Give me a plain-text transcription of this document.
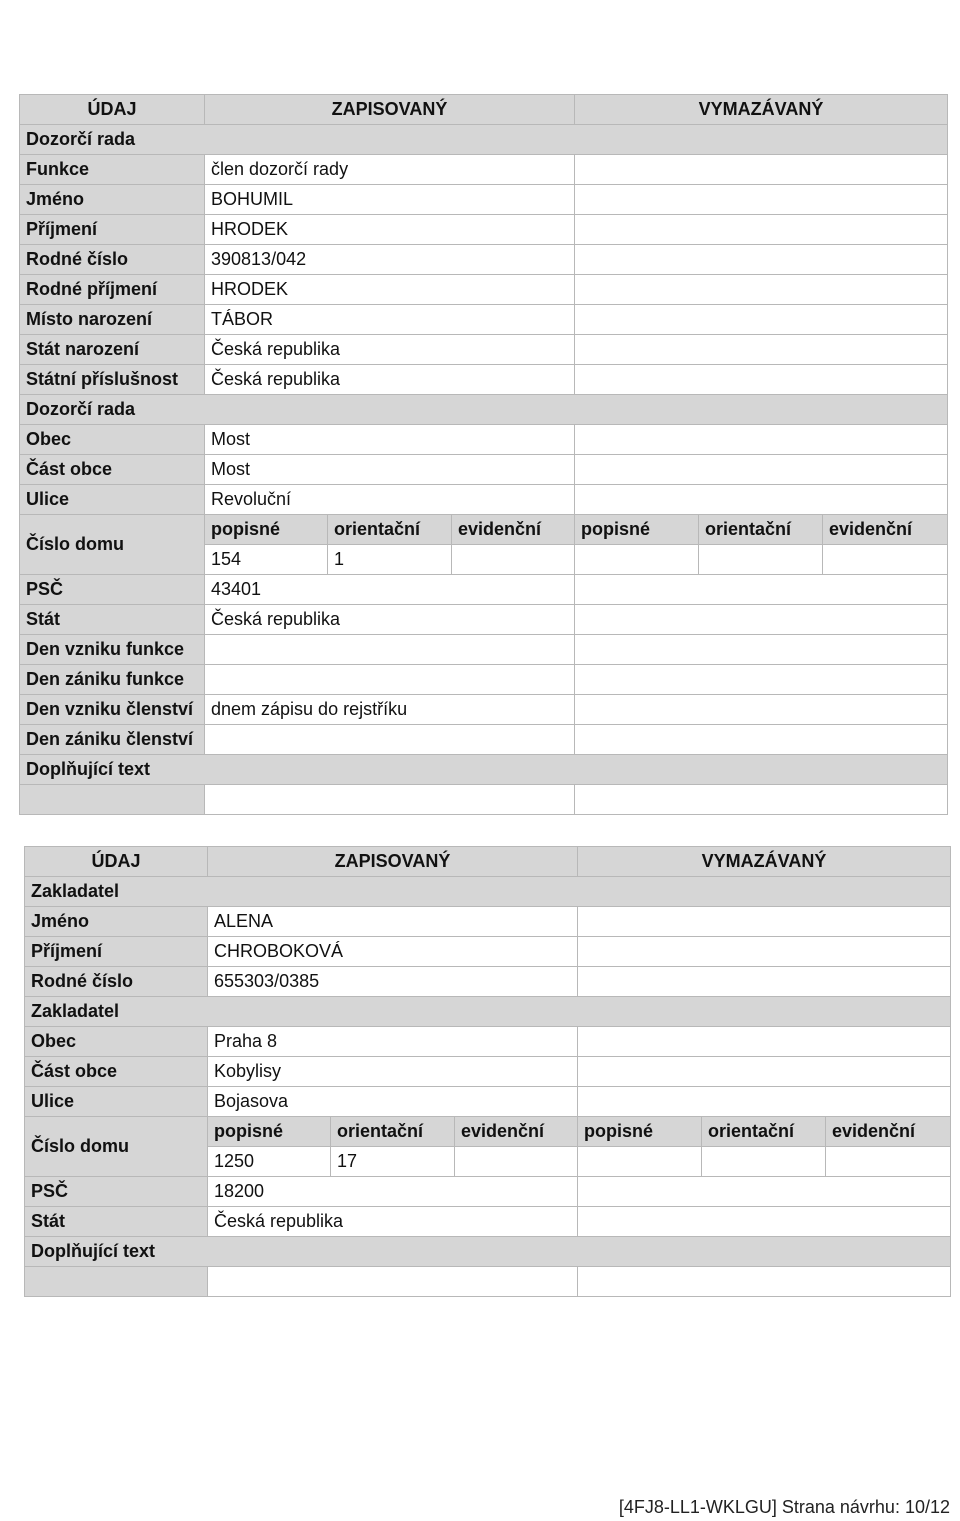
ÚDAJ	ZAPISOVANÝ			VYMAZÁVANÝ		
Dozorčí rada						
Funkce	člen dozorčí rady					
Jméno	BOHUMIL					
Příjmení	HRODEK					
Rodné číslo	390813/042					
Rodné příjmení	HRODEK					
Místo narození	TÁBOR					
Stát narození	Česká republika					
Státní příslušnost	Česká republika					
Dozorčí rada						
Obec	Most					
Část obce	Most					
Ulice	Revoluční					
Číslo domu	popisné	orientační	evidenční	popisné	orientační	evidenční
	154	1				
PSČ	43401					
Stát	Česká republika					
Den vzniku funkce						
Den zániku funkce						
Den vzniku členství	dnem zápisu do rejstříku					
Den zániku členství						
Doplňující text						

ÚDAJ	ZAPISOVANÝ			VYMAZÁVANÝ		
Zakladatel						
Jméno	ALENA					
Příjmení	CHROBOKOVÁ					
Rodné číslo	655303/0385					
Zakladatel						
Obec	Praha 8					
Část obce	Kobylisy					
Ulice	Bojasova					
Číslo domu	popisné	orientační	evidenční	popisné	orientační	evidenční
	1250	17				
PSČ	18200					
Stát	Česká republika					
Doplňující text						

[4FJ8-LL1-WKLGU] Strana návrhu: 10/12
